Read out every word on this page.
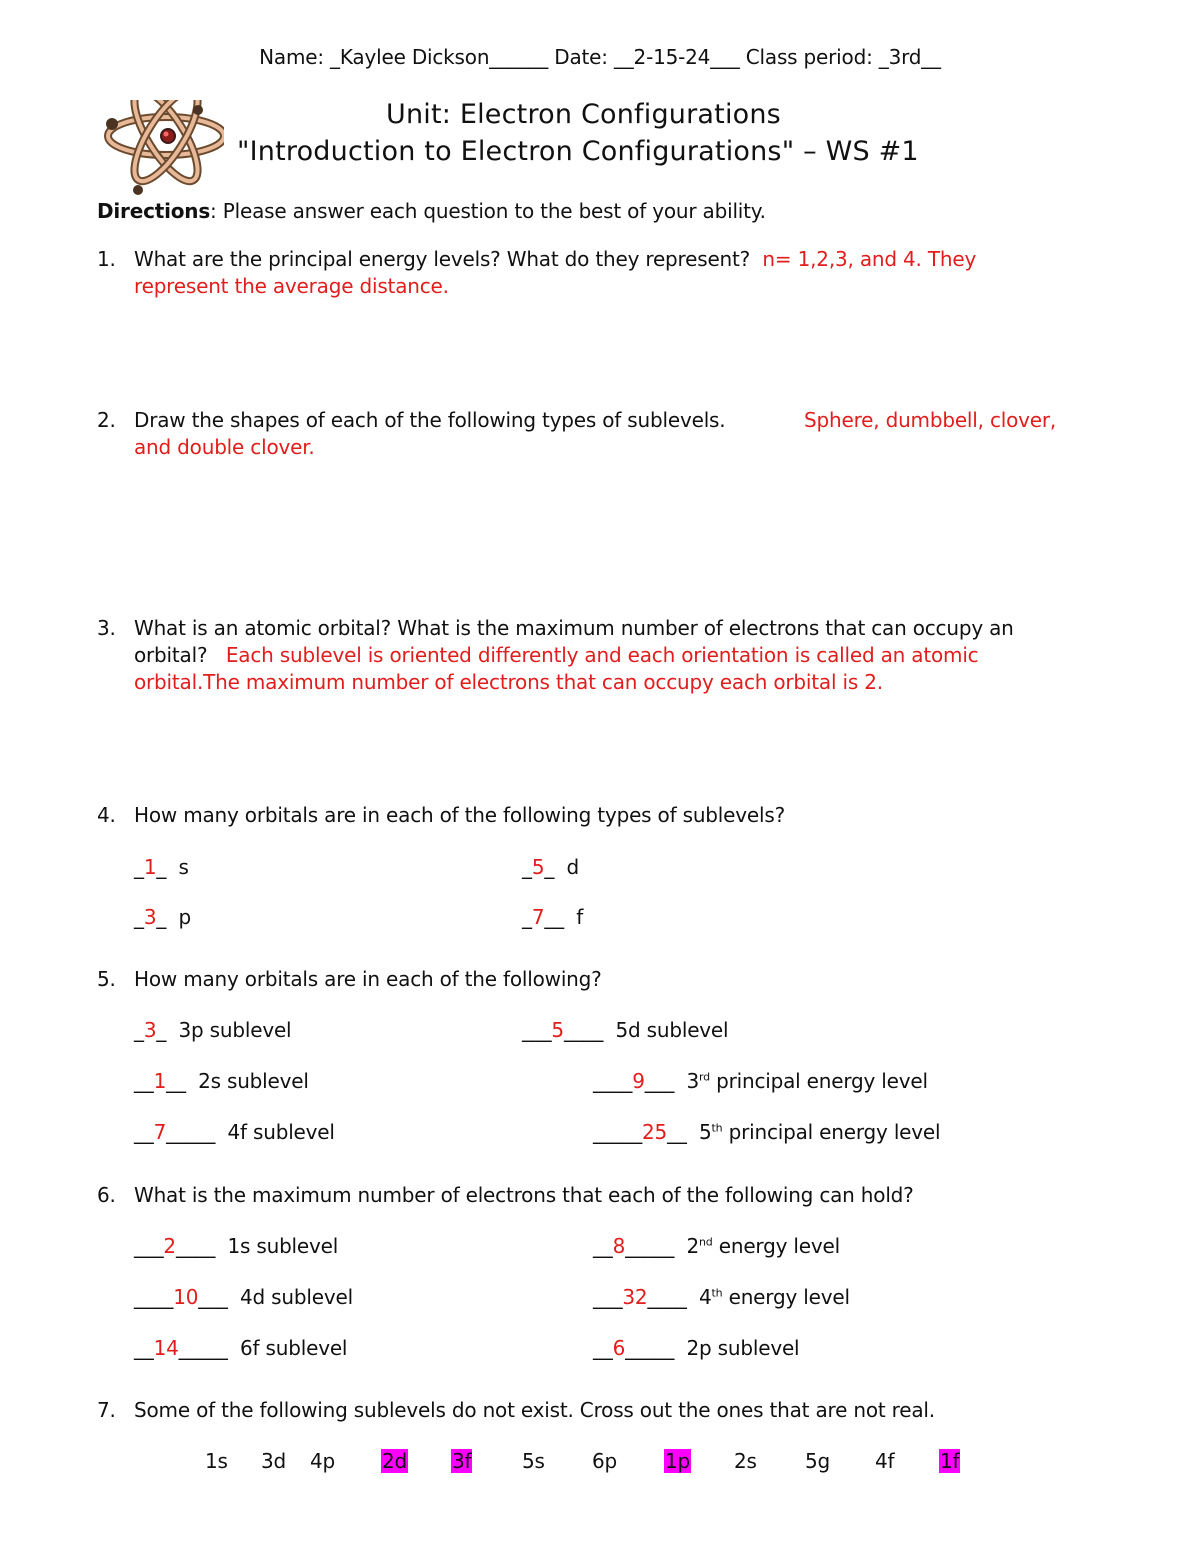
Name: _Kaylee Dickson______ Date: __2-15-24___ Class period: _3rd__
Unit: Electron Configurations
"Introduction to Electron Configurations" – WS #1
Directions: Please answer each question to the best of your ability.
1. What are the principal energy levels? What do they represent? n= 1,2,3, and 4. They
represent the average distance.
2. Draw the shapes of each of the following types of sublevels.	Sphere, dumbbell, clover,
and double clover.
3. What is an atomic orbital? What is the maximum number of electrons that can occupy an
orbital? Each sublevel is oriented differently and each orientation is called an atomic
orbital.The maximum number of electrons that can occupy each orbital is 2.
4. How many orbitals are in each of the following types of sublevels?
_1_ s	_5_ d
_3_ p	_7__ f
5. How many orbitals are in each of the following?
_3_ 3p sublevel	___5____ 5d sublevel
__1__ 2s sublevel	____9___ 3rd principal energy level
__7_____ 4f sublevel	_____25__ 5th principal energy level
6. What is the maximum number of electrons that each of the following can hold?
___2____ 1s sublevel	__8_____ 2nd energy level
____10___ 4d sublevel	___32____ 4th energy level
__14_____ 6f sublevel	__6_____ 2p sublevel
7. Some of the following sublevels do not exist. Cross out the ones that are not real.
1s 3d 4p 2d 3f	5s 6p 1p 2s 5g 4f 1f
